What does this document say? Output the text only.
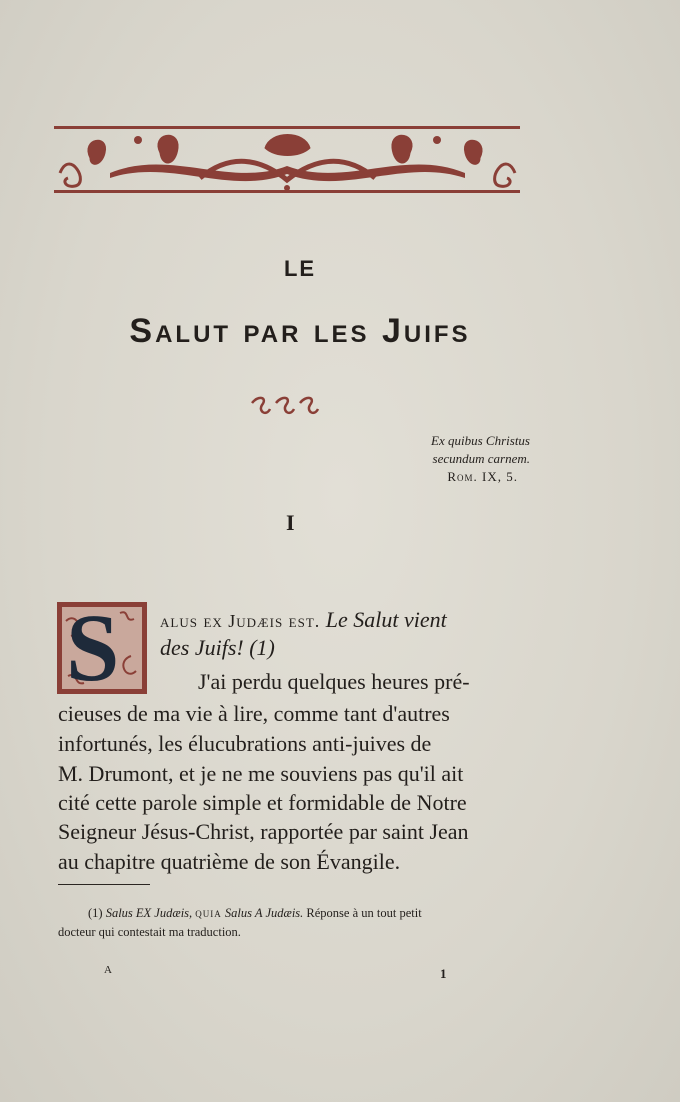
LE
Salut par les Juifs
Ex quibus Christus
secundum carnem.
Rom. IX, 5.
I
S alus ex Judæis est. Le Salut vient
des Juifs! (1)
J'ai perdu quelques heures pré-
cieuses de ma vie à lire, comme tant d'autres
infortunés, les élucubrations anti-juives de
M. Drumont, et je ne me souviens pas qu'il ait
cité cette parole simple et formidable de Notre
Seigneur Jésus-Christ, rapportée par saint Jean
au chapitre quatrième de son Évangile.
(1) Salus EX Judæis, quia Salus A Judæis. Réponse à un tout petit
docteur qui contestait ma traduction.
A	1
